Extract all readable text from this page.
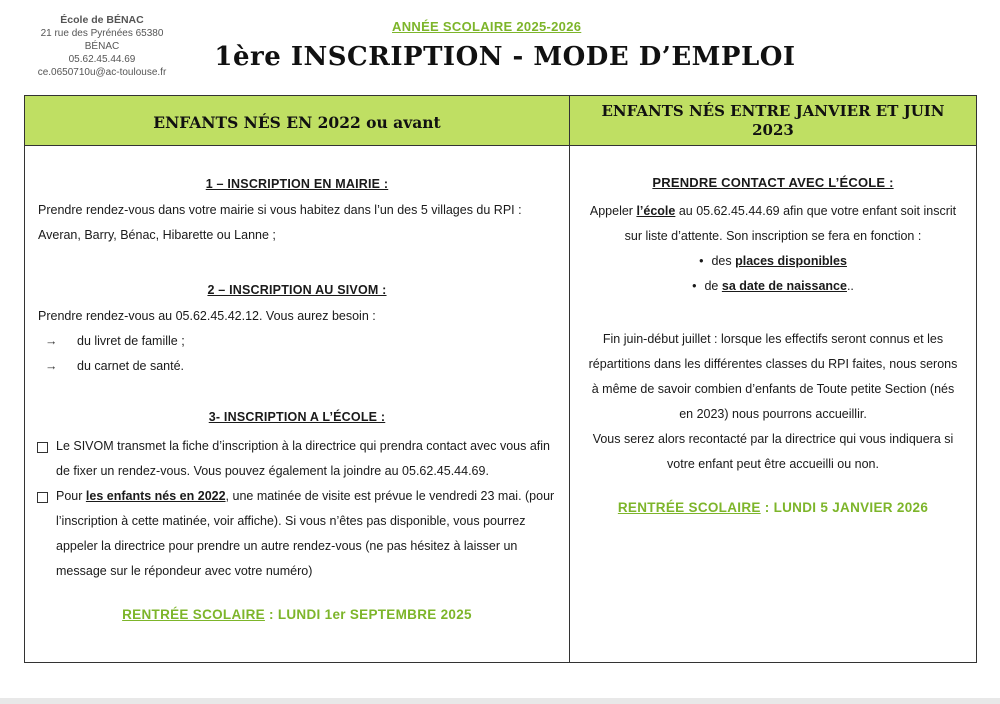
École de BÉNAC
21 rue des Pyrénées 65380 BÉNAC
05.62.45.44.69
ce.0650710u@ac-toulouse.fr
ANNÉE SCOLAIRE 2025-2026
1ère INSCRIPTION - MODE D’EMPLOI
ENFANTS NÉS EN 2022 ou avant
1 – INSCRIPTION EN MAIRIE :
Prendre rendez-vous dans votre mairie si vous habitez dans l’un des 5 villages du RPI : Averan, Barry, Bénac, Hibarette ou Lanne ;
2 – INSCRIPTION AU SIVOM :
Prendre rendez-vous au 05.62.45.42.12. Vous aurez besoin :
→	du livret de famille ;
→	du carnet de santé.
3- INSCRIPTION A L’ÉCOLE :
Le SIVOM transmet la fiche d’inscription à la directrice qui prendra contact avec vous afin de fixer un rendez-vous. Vous pouvez également la joindre au 05.62.45.44.69.
Pour les enfants nés en 2022, une matinée de visite est prévue le vendredi 23 mai. (pour l’inscription à cette matinée, voir affiche). Si vous n’êtes pas disponible, vous pourrez appeler la directrice pour prendre un autre rendez-vous (ne pas hésitez à laisser un message sur le répondeur avec votre numéro)
RENTRÉE SCOLAIRE : LUNDI 1er SEPTEMBRE 2025
ENFANTS NÉS ENTRE JANVIER ET JUIN 2023
PRENDRE CONTACT AVEC L’ÉCOLE :
Appeler l’école au 05.62.45.44.69 afin que votre enfant soit inscrit sur liste d’attente. Son inscription se fera en fonction :
• des places disponibles
• de sa date de naissance..
Fin juin-début juillet : lorsque les effectifs seront connus et les répartitions dans les différentes classes du RPI faites, nous serons à même de savoir combien d’enfants de Toute petite Section (nés en 2023) nous pourrons accueillir.
Vous serez alors recontacté par la directrice qui vous indiquera si votre enfant peut être accueilli ou non.
RENTRÉE SCOLAIRE : LUNDI 5 JANVIER 2026
